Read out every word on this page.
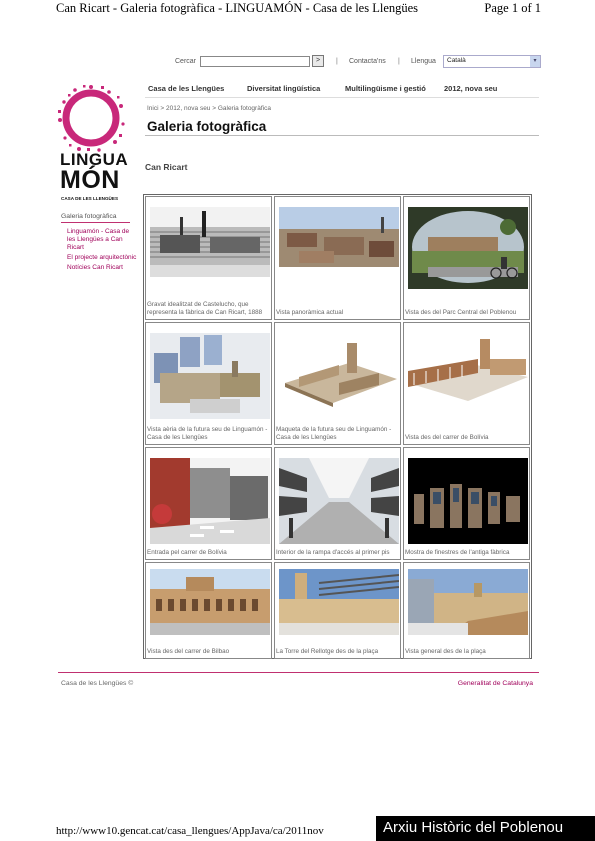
Can Ricart - Galeria fotogràfica - LINGUAMÓN - Casa de les Llengües	Page 1 of 1
Cercar	>	| Contacta'ns | Llengua Català	▾
Casa de les Llengües	Diversitat lingüística	Multilingüisme i gestió 2012, nova seu
Inici > 2012, nova seu > Galeria fotogràfica
Galeria fotogràfica
Can Ricart
LINGUA
MÓN
CASA DE LES LLENGÜES
Galeria fotogràfica
Linguamón - Casa de les Llengües a Can Ricart
El projecte arquitectònic
Notícies Can Ricart
Gravat idealitzat de Castelucho, que representa la fàbrica de Can Ricart, 1888	Vista panoràmica actual	Vista des del Parc Central del Poblenou
Vista aèria de la futura seu de Linguamón - Casa de les Llengües
Maqueta de la futura seu de Linguamón - Casa de les Llengües	Vista des del carrer de Bolívia
Entrada pel carrer de Bolívia	Interior de la rampa d'accés al primer pis	Mostra de finestres de l'antiga fàbrica
Vista des del carrer de Bilbao	La Torre del Rellotge des de la plaça	Vista general des de la plaça
Casa de les Llengües ©	Generalitat de Catalunya
http://www10.gencat.cat/casa_llengues/AppJava/ca/2011nov	Arxiu Històric del Poblenou
